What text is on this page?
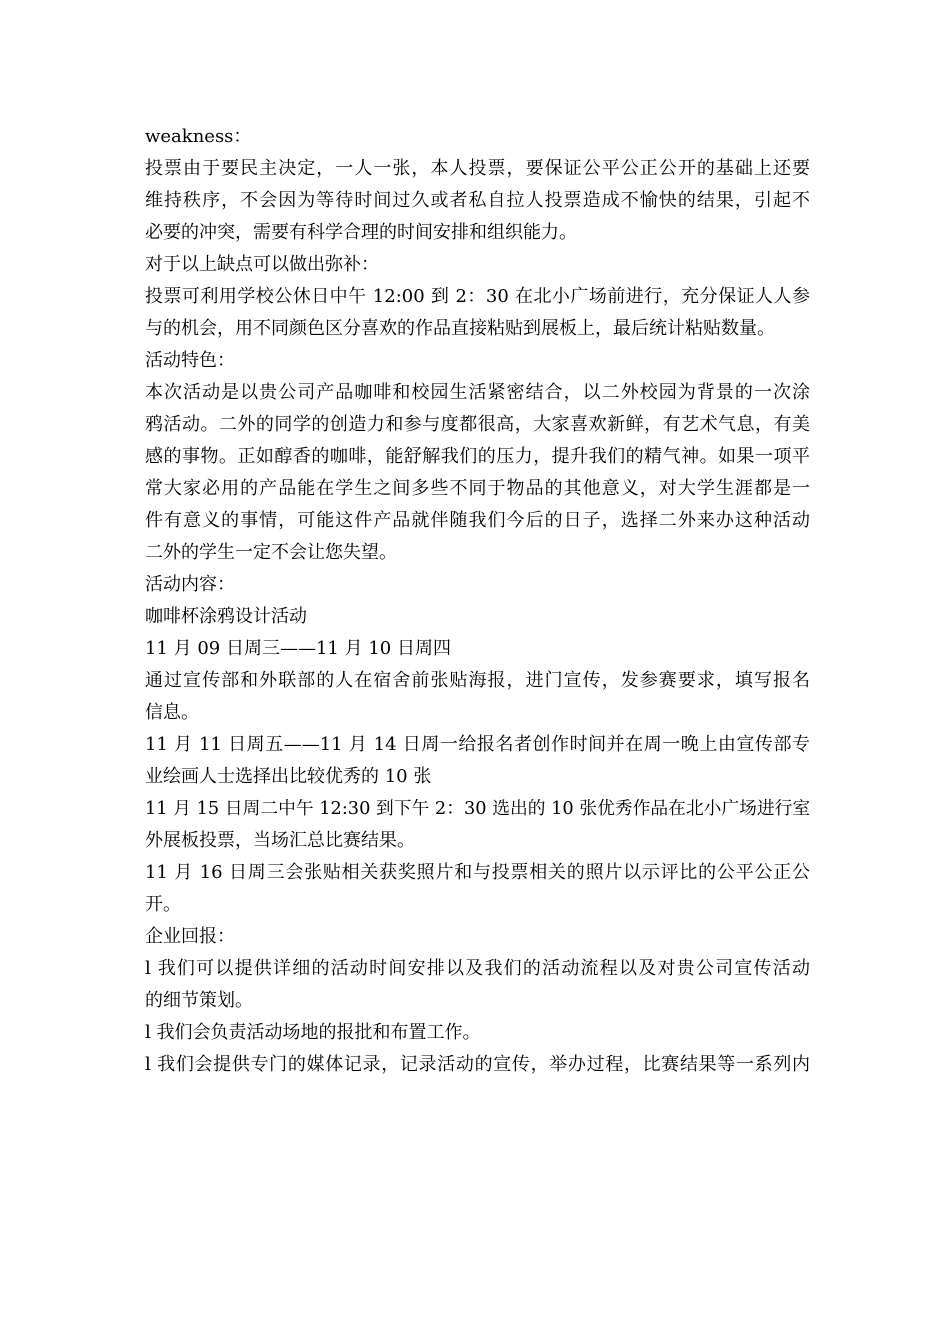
weakness：
投票由于要民主决定，一人一张，本人投票，要保证公平公正公开的基础上还要
维持秩序，不会因为等待时间过久或者私自拉人投票造成不愉快的结果，引起不
必要的冲突，需要有科学合理的时间安排和组织能力。
对于以上缺点可以做出弥补：
投票可利用学校公休日中午 12:00 到 2：30 在北小广场前进行，充分保证人人参
与的机会，用不同颜色区分喜欢的作品直接粘贴到展板上，最后统计粘贴数量。
活动特色：
本次活动是以贵公司产品咖啡和校园生活紧密结合，以二外校园为背景的一次涂
鸦活动。二外的同学的创造力和参与度都很高，大家喜欢新鲜，有艺术气息，有美
感的事物。正如醇香的咖啡，能舒解我们的压力，提升我们的精气神。如果一项平
常大家必用的产品能在学生之间多些不同于物品的其他意义，对大学生涯都是一
件有意义的事情，可能这件产品就伴随我们今后的日子，选择二外来办这种活动
二外的学生一定不会让您失望。
活动内容：
咖啡杯涂鸦设计活动
11 月 09 日周三——11 月 10 日周四
通过宣传部和外联部的人在宿舍前张贴海报，进门宣传，发参赛要求，填写报名
信息。
11 月 11 日周五——11 月 14 日周一给报名者创作时间并在周一晚上由宣传部专
业绘画人士选择出比较优秀的 10 张
11 月 15 日周二中午 12:30 到下午 2：30 选出的 10 张优秀作品在北小广场进行室
外展板投票，当场汇总比赛结果。
11 月 16 日周三会张贴相关获奖照片和与投票相关的照片以示评比的公平公正公
开。
企业回报：
l 我们可以提供详细的活动时间安排以及我们的活动流程以及对贵公司宣传活动
的细节策划。
l 我们会负责活动场地的报批和布置工作。
l 我们会提供专门的媒体记录，记录活动的宣传，举办过程，比赛结果等一系列内
